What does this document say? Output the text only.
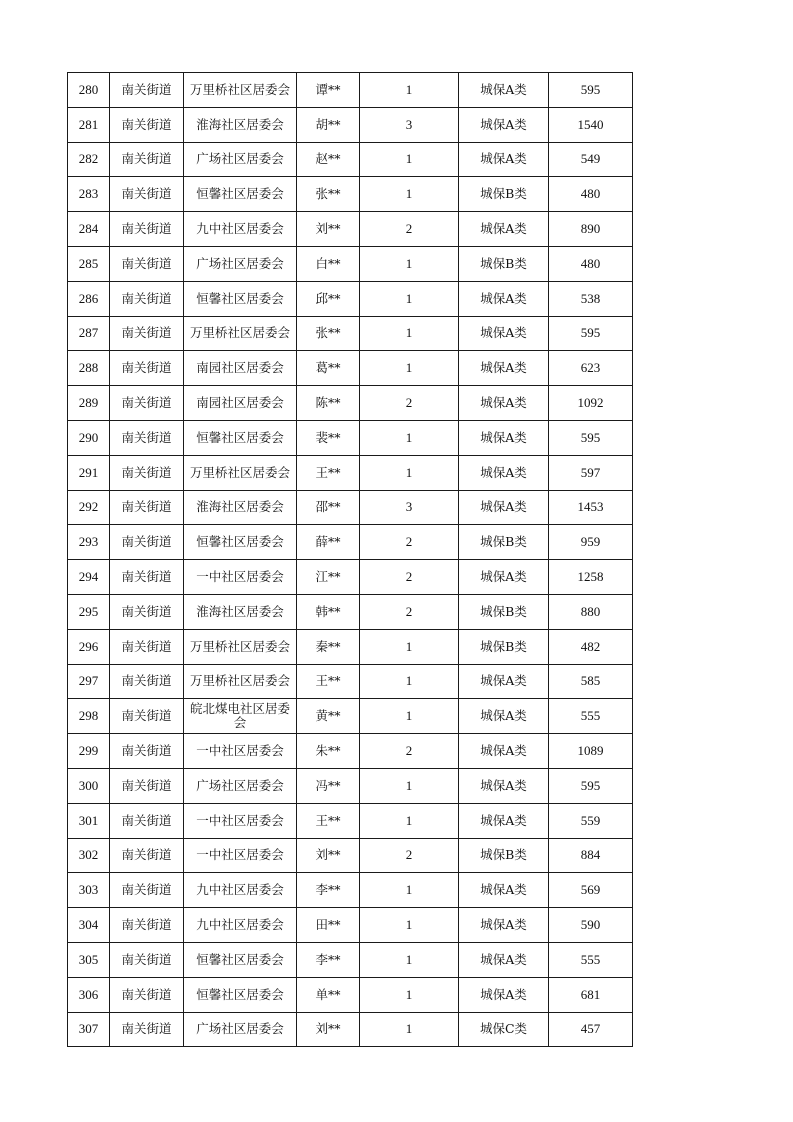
280	南关街道	万里桥社区居委会	谭**	1	城保A类	595
281	南关街道	淮海社区居委会	胡**	3	城保A类	1540
282	南关街道	广场社区居委会	赵**	1	城保A类	549
283	南关街道	恒馨社区居委会	张**	1	城保B类	480
284	南关街道	九中社区居委会	刘**	2	城保A类	890
285	南关街道	广场社区居委会	白**	1	城保B类	480
286	南关街道	恒馨社区居委会	邱**	1	城保A类	538
287	南关街道	万里桥社区居委会	张**	1	城保A类	595
288	南关街道	南园社区居委会	葛**	1	城保A类	623
289	南关街道	南园社区居委会	陈**	2	城保A类	1092
290	南关街道	恒馨社区居委会	裴**	1	城保A类	595
291	南关街道	万里桥社区居委会	王**	1	城保A类	597
292	南关街道	淮海社区居委会	邵**	3	城保A类	1453
293	南关街道	恒馨社区居委会	薛**	2	城保B类	959
294	南关街道	一中社区居委会	江**	2	城保A类	1258
295	南关街道	淮海社区居委会	韩**	2	城保B类	880
296	南关街道	万里桥社区居委会	秦**	1	城保B类	482
297	南关街道	万里桥社区居委会	王**	1	城保A类	585
298	南关街道	皖北煤电社区居委会	黄**	1	城保A类	555
299	南关街道	一中社区居委会	朱**	2	城保A类	1089
300	南关街道	广场社区居委会	冯**	1	城保A类	595
301	南关街道	一中社区居委会	王**	1	城保A类	559
302	南关街道	一中社区居委会	刘**	2	城保B类	884
303	南关街道	九中社区居委会	李**	1	城保A类	569
304	南关街道	九中社区居委会	田**	1	城保A类	590
305	南关街道	恒馨社区居委会	李**	1	城保A类	555
306	南关街道	恒馨社区居委会	单**	1	城保A类	681
307	南关街道	广场社区居委会	刘**	1	城保C类	457
